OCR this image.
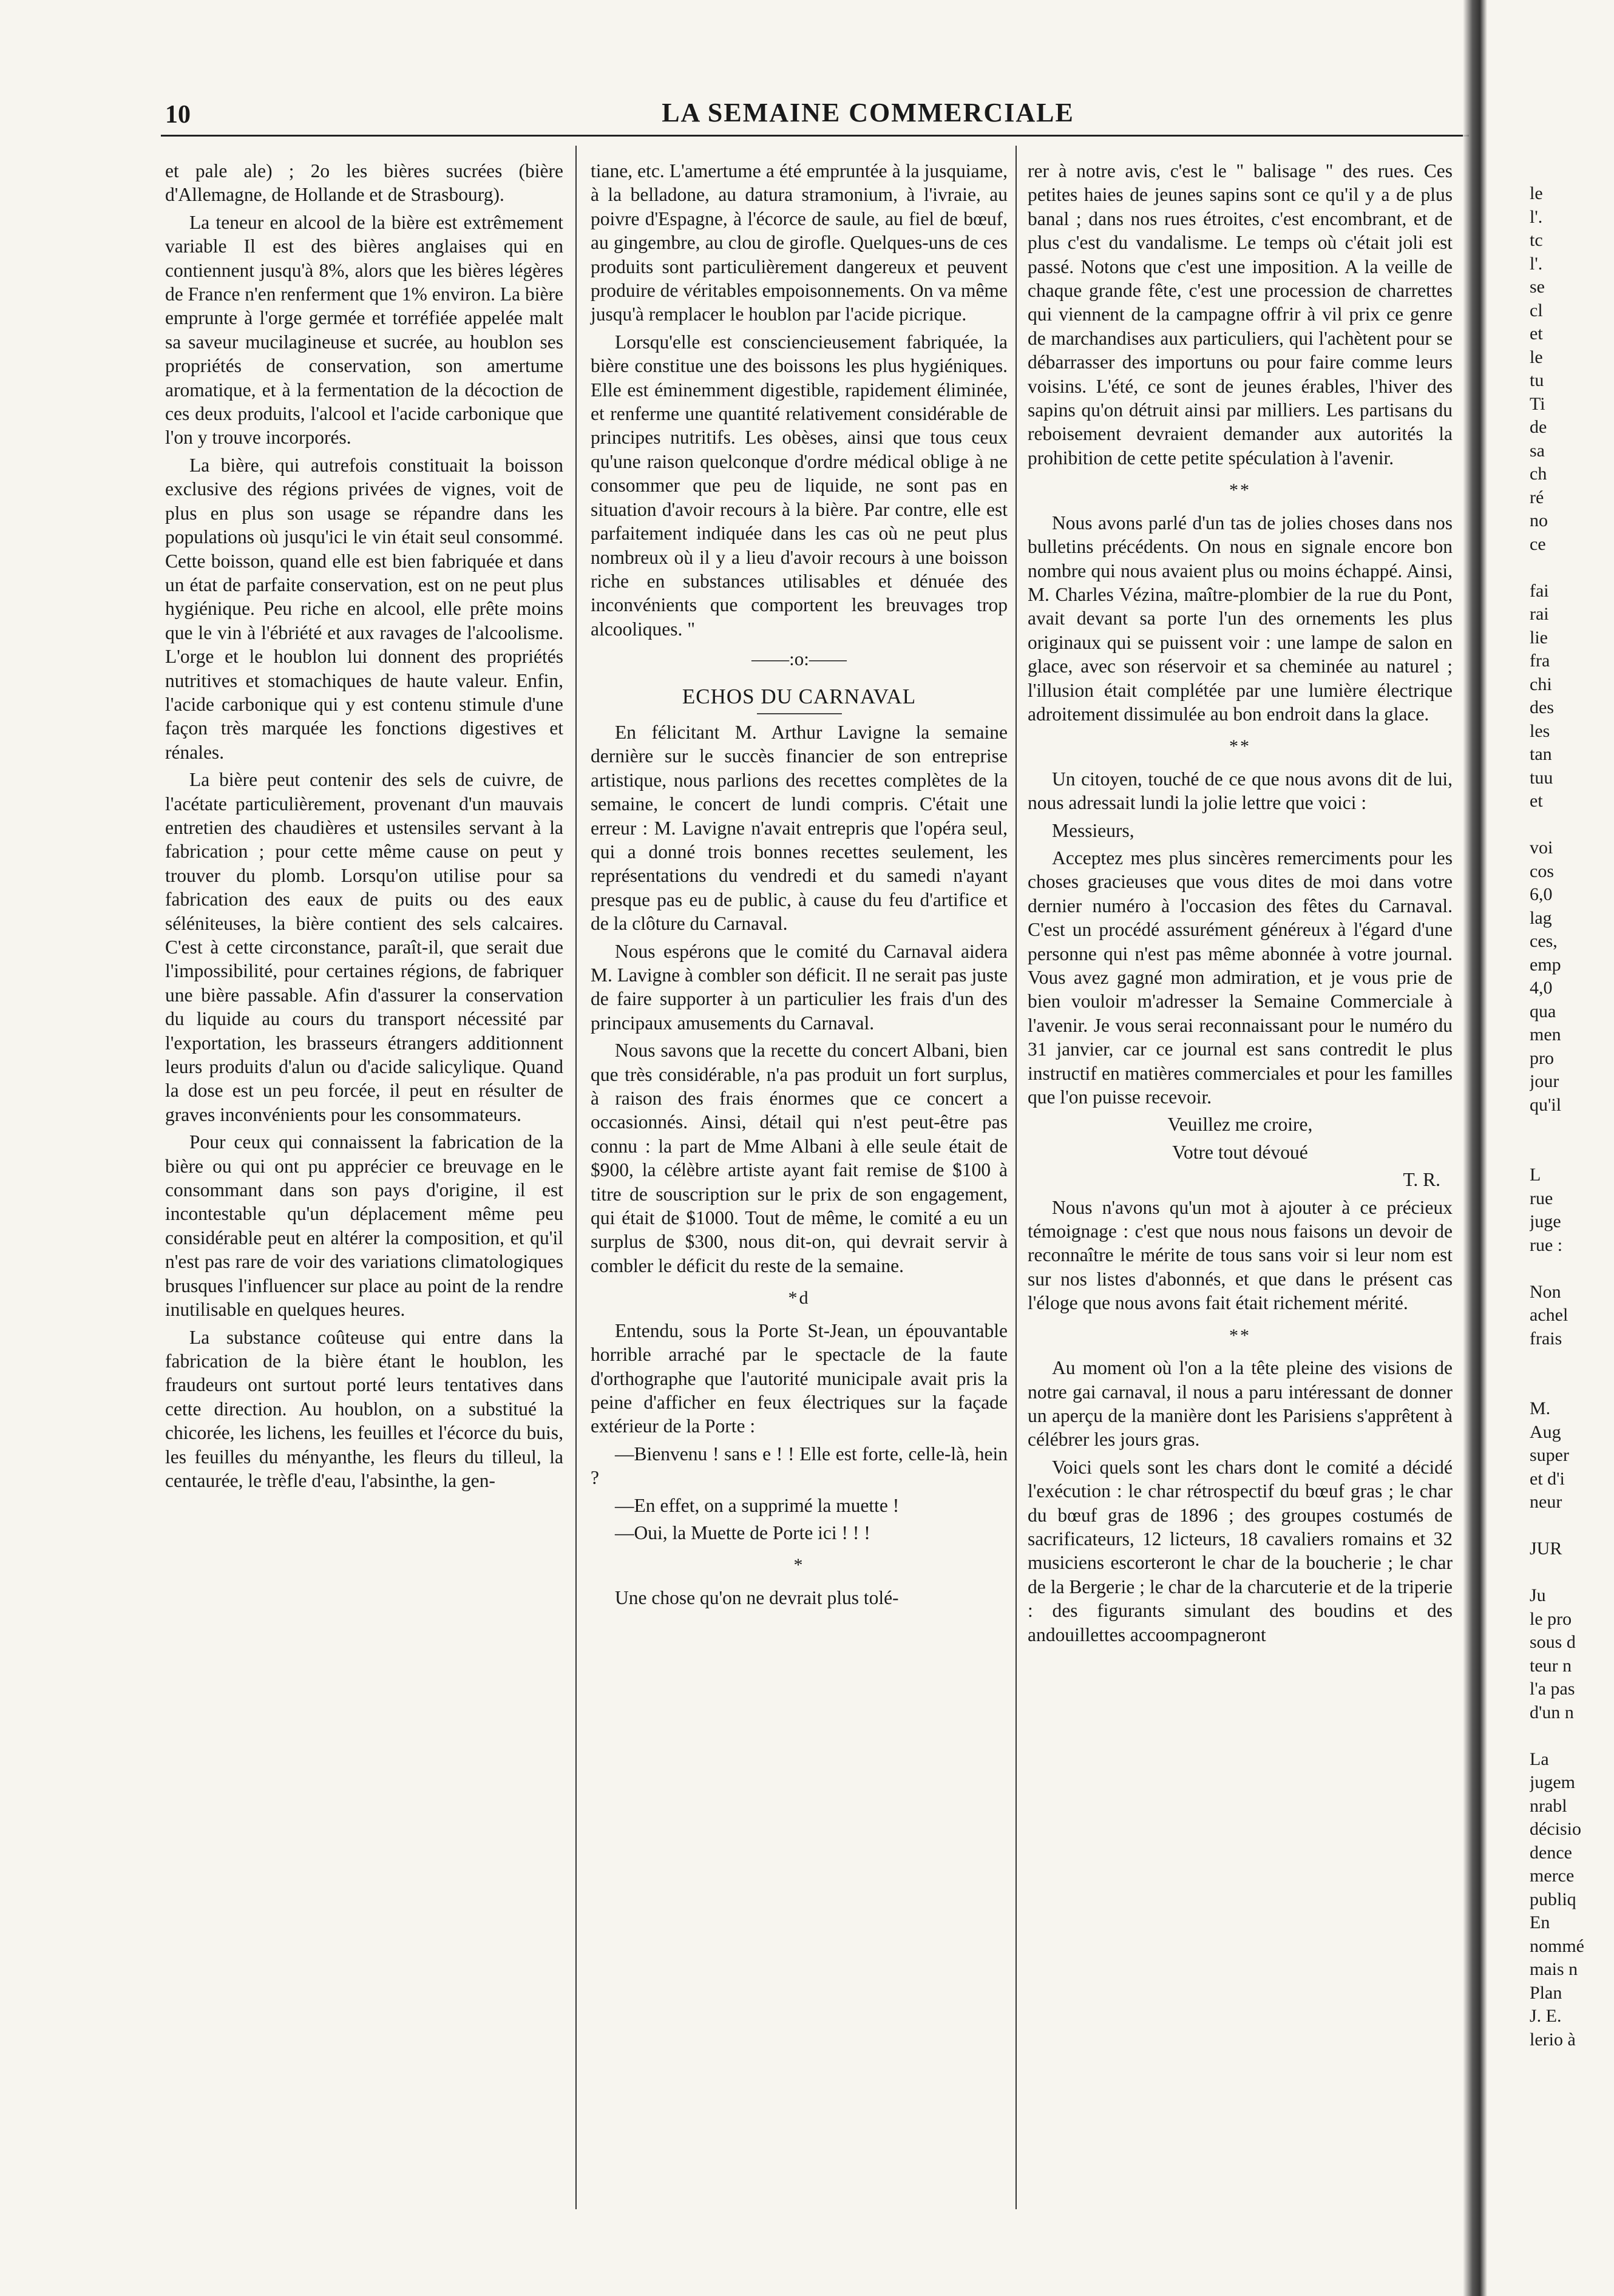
10	LA SEMAINE COMMERCIALE

et pale ale) ; 2o les bières sucrées (bière d'Allemagne, de Hollande et de Strasbourg).

La teneur en alcool de la bière est extrêmement variable Il est des bières anglaises qui en contiennent jusqu'à 8%, alors que les bières légères de France n'en renferment que 1% environ. La bière emprunte à l'orge germée et torréfiée appelée malt sa saveur mucilagineuse et sucrée, au houblon ses propriétés de conservation, son amertume aromatique, et à la fermentation de la décoction de ces deux produits, l'alcool et l'acide carbonique que l'on y trouve incorporés.

La bière, qui autrefois constituait la boisson exclusive des régions privées de vignes, voit de plus en plus son usage se répandre dans les populations où jusqu'ici le vin était seul consommé. Cette boisson, quand elle est bien fabriquée et dans un état de parfaite conservation, est on ne peut plus hygiénique. Peu riche en alcool, elle prête moins que le vin à l'ébriété et aux ravages de l'alcoolisme. L'orge et le houblon lui donnent des propriétés nutritives et stomachiques de haute valeur. Enfin, l'acide carbonique qui y est contenu stimule d'une façon très marquée les fonctions digestives et rénales.

La bière peut contenir des sels de cuivre, de l'acétate particulièrement, provenant d'un mauvais entretien des chaudières et ustensiles servant à la fabrication ; pour cette même cause on peut y trouver du plomb. Lorsqu'on utilise pour sa fabrication des eaux de puits ou des eaux séléniteuses, la bière contient des sels calcaires. C'est à cette circonstance, paraît-il, que serait due l'impossibilité, pour certaines régions, de fabriquer une bière passable. Afin d'assurer la conservation du liquide au cours du transport nécessité par l'exportation, les brasseurs étrangers additionnent leurs produits d'alun ou d'acide salicylique. Quand la dose est un peu forcée, il peut en résulter de graves inconvénients pour les consommateurs.

Pour ceux qui connaissent la fabrication de la bière ou qui ont pu apprécier ce breuvage en le consommant dans son pays d'origine, il est incontestable qu'un déplacement même peu considérable peut en altérer la composition, et qu'il n'est pas rare de voir des variations climatologiques brusques l'influencer sur place au point de la rendre inutilisable en quelques heures.

La substance coûteuse qui entre dans la fabrication de la bière étant le houblon, les fraudeurs ont surtout porté leurs tentatives dans cette direction. Au houblon, on a substitué la chicorée, les lichens, les feuilles et l'écorce du buis, les feuilles du ményanthe, les fleurs du tilleul, la centaurée, le trèfle d'eau, l'absinthe, la gen-

tiane, etc. L'amertume a été empruntée à la jusquiame, à la belladone, au datura stramonium, à l'ivraie, au poivre d'Espagne, à l'écorce de saule, au fiel de bœuf, au gingembre, au clou de girofle. Quelques-uns de ces produits sont particulièrement dangereux et peuvent produire de véritables empoisonnements. On va même jusqu'à remplacer le houblon par l'acide picrique.

Lorsqu'elle est consciencieusement fabriquée, la bière constitue une des boissons les plus hygiéniques. Elle est éminemment digestible, rapidement éliminée, et renferme une quantité relativement considérable de principes nutritifs. Les obèses, ainsi que tous ceux qu'une raison quelconque d'ordre médical oblige à ne consommer que peu de liquide, ne sont pas en situation d'avoir recours à la bière. Par contre, elle est parfaitement indiquée dans les cas où ne peut plus nombreux où il y a lieu d'avoir recours à une boisson riche en substances utilisables et dénuée des inconvénients que comportent les breuvages trop alcooliques. "

——:o:——
ECHOS DU CARNAVAL

En félicitant M. Arthur Lavigne la semaine dernière sur le succès financier de son entreprise artistique, nous parlions des recettes complètes de la semaine, le concert de lundi compris. C'était une erreur : M. Lavigne n'avait entrepris que l'opéra seul, qui a donné trois bonnes recettes seulement, les représentations du vendredi et du samedi n'ayant presque pas eu de public, à cause du feu d'artifice et de la clôture du Carnaval.

Nous espérons que le comité du Carnaval aidera M. Lavigne à combler son déficit. Il ne serait pas juste de faire supporter à un particulier les frais d'un des principaux amusements du Carnaval.

Nous savons que la recette du concert Albani, bien que très considérable, n'a pas produit un fort surplus, à raison des frais énormes que ce concert a occasionnés. Ainsi, détail qui n'est peut-être pas connu : la part de Mme Albani à elle seule était de $900, la célèbre artiste ayant fait remise de $100 à titre de souscription sur le prix de son engagement, qui était de $1000. Tout de même, le comité a eu un surplus de $300, nous dit-on, qui devrait servir à combler le déficit du reste de la semaine.

*d

Entendu, sous la Porte St-Jean, un épouvantable horrible arraché par le spectacle de la faute d'orthographe que l'autorité municipale avait pris la peine d'afficher en feux électriques sur la façade extérieur de la Porte :

—Bienvenu ! sans e ! ! Elle est forte, celle-là, hein ?

—En effet, on a supprimé la muette !

—Oui, la Muette de Porte ici ! ! !

*

Une chose qu'on ne devrait plus tolé-

rer à notre avis, c'est le " balisage " des rues. Ces petites haies de jeunes sapins sont ce qu'il y a de plus banal ; dans nos rues étroites, c'est encombrant, et de plus c'est du vandalisme. Le temps où c'était joli est passé. Notons que c'est une imposition. A la veille de chaque grande fête, c'est une procession de charrettes qui viennent de la campagne offrir à vil prix ce genre de marchandises aux particuliers, qui l'achètent pour se débarrasser des importuns ou pour faire comme leurs voisins. L'été, ce sont de jeunes érables, l'hiver des sapins qu'on détruit ainsi par milliers. Les partisans du reboisement devraient demander aux autorités la prohibition de cette petite spéculation à l'avenir.

**

Nous avons parlé d'un tas de jolies choses dans nos bulletins précédents. On nous en signale encore bon nombre qui nous avaient plus ou moins échappé. Ainsi, M. Charles Vézina, maître-plombier de la rue du Pont, avait devant sa porte l'un des ornements les plus originaux qui se puissent voir : une lampe de salon en glace, avec son réservoir et sa cheminée au naturel ; l'illusion était complétée par une lumière électrique adroitement dissimulée au bon endroit dans la glace.

**

Un citoyen, touché de ce que nous avons dit de lui, nous adressait lundi la jolie lettre que voici :

Messieurs,

Acceptez mes plus sincères remerciments pour les choses gracieuses que vous dites de moi dans votre dernier numéro à l'occasion des fêtes du Carnaval. C'est un procédé assurément généreux à l'égard d'une personne qui n'est pas même abonnée à votre journal. Vous avez gagné mon admiration, et je vous prie de bien vouloir m'adresser la Semaine Commerciale à l'avenir. Je vous serai reconnaissant pour le numéro du 31 janvier, car ce journal est sans contredit le plus instructif en matières commerciales et pour les familles que l'on puisse recevoir.

Veuillez me croire,

Votre tout dévoué

T. R.

Nous n'avons qu'un mot à ajouter à ce précieux témoignage : c'est que nous nous faisons un devoir de reconnaître le mérite de tous sans voir si leur nom est sur nos listes d'abonnés, et que dans le présent cas l'éloge que nous avons fait était richement mérité.

**

Au moment où l'on a la tête pleine des visions de notre gai carnaval, il nous a paru intéressant de donner un aperçu de la manière dont les Parisiens s'apprêtent à célébrer les jours gras.

Voici quels sont les chars dont le comité a décidé l'exécution : le char rétrospectif du bœuf gras ; le char du bœuf gras de 1896 ; des groupes costumés de sacrificateurs, 12 licteurs, 18 cavaliers romains et 32 musiciens escorteront le char de la boucherie ; le char de la Bergerie ; le char de la charcuterie et de la triperie : des figurants simulant des boudins et des andouillettes accoompagneront

le
l'.
tc
l'.
se
cl
et
le
tu
Ti
de
sa
ch
ré
no
ce
fai
rai
lie
fra
chi
des
les
tan
tuu
et
voi
cos
6,0
lag
ces,
emp
4,0
qua
men
pro
jour
qu'il
L
rue
juge
rue :
Non
achel
frais
M.
Aug
super
et d'i
neur
JUR
Ju
le pro
sous d
teur n
l'a pas
d'un n
La
jugem
nrabl
décisio
dence
merce
publiq
En
nommé
mais n
Plan
J. E.
lerio à
